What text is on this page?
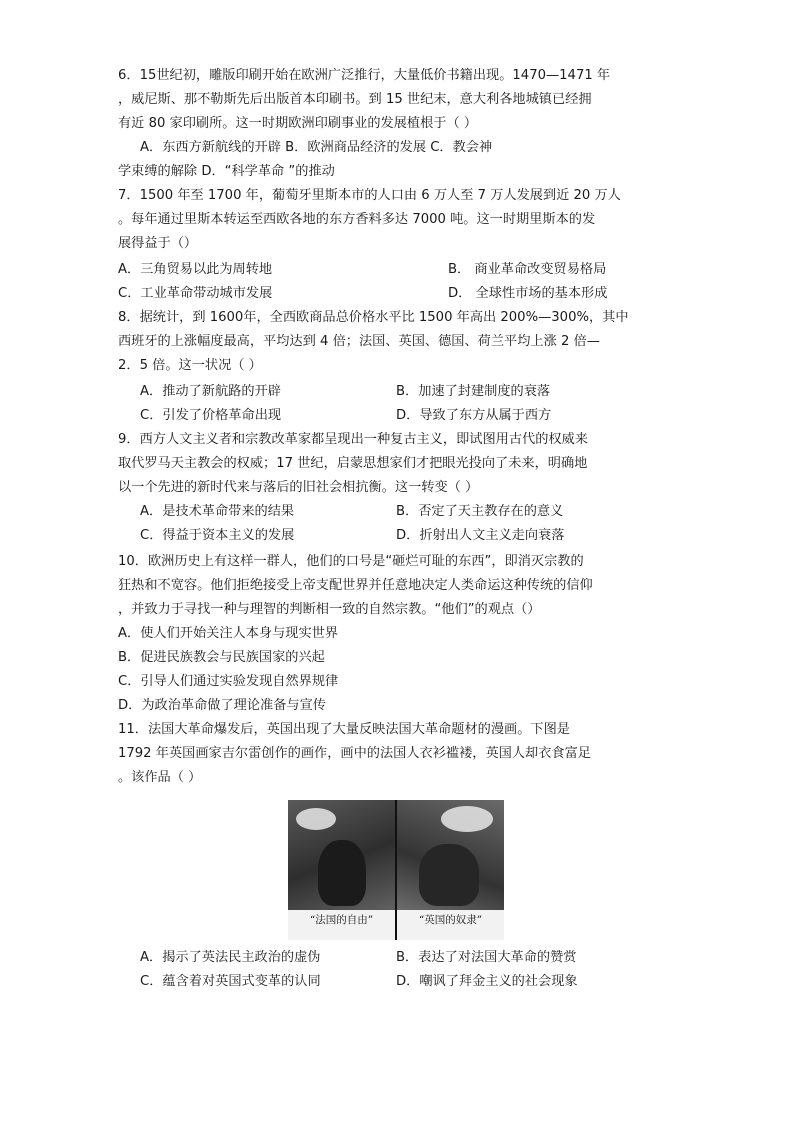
6．15世纪初，雕版印刷开始在欧洲广泛推行，大量低价书籍出现。1470—1471 年
，威尼斯、那不勒斯先后出版首本印刷书。到 15 世纪末，意大利各地城镇已经拥
有近 80 家印刷所。这一时期欧洲印刷事业的发展植根于（ ）
A．东西方新航线的开辟 B．欧洲商品经济的发展 C．教会神
学束缚的解除 D．“科学革命 ”的推动
7．1500 年至 1700 年，葡萄牙里斯本市的人口由 6 万人至 7 万人发展到近 20 万人
。每年通过里斯本转运至西欧各地的东方香料多达 7000 吨。这一时期里斯本的发
展得益于（）
A．三角贸易以此为周转地	B． 商业革命改变贸易格局
C．工业革命带动城市发展	D． 全球性市场的基本形成
8．据统计，到 1600年，全西欧商品总价格水平比 1500 年高出 200%—300%，其中
西班牙的上涨幅度最高，平均达到 4 倍；法国、英国、德国、荷兰平均上涨 2 倍—
2．5 倍。这一状况（ ）
A．推动了新航路的开辟	B．加速了封建制度的衰落
C．引发了价格革命出现	D．导致了东方从属于西方
9．西方人文主义者和宗教改革家都呈现出一种复古主义，即试图用古代的权威来
取代罗马天主教会的权威；17 世纪，启蒙思想家们才把眼光投向了未来，明确地
以一个先进的新时代来与落后的旧社会相抗衡。这一转变（ ）
A．是技术革命带来的结果	B．否定了天主教存在的意义
C．得益于资本主义的发展	D．折射出人文主义走向衰落
10．欧洲历史上有这样一群人，他们的口号是“砸烂可耻的东西”，即消灭宗教的
狂热和不宽容。他们拒绝接受上帝支配世界并任意地决定人类命运这种传统的信仰
，并致力于寻找一种与理智的判断相一致的自然宗教。“他们”的观点（）
A．使人们开始关注人本身与现实世界
B．促进民族教会与民族国家的兴起
C．引导人们通过实验发现自然界规律
D．为政治革命做了理论准备与宣传
11．法国大革命爆发后，英国出现了大量反映法国大革命题材的漫画。下图是
1792 年英国画家吉尔雷创作的画作，画中的法国人衣衫褴褛，英国人却衣食富足
。该作品（ ）
“法国的自由”	“英国的奴隶”
A．揭示了英法民主政治的虚伪	B．表达了对法国大革命的赞赏
C．蕴含着对英国式变革的认同	D．嘲讽了拜金主义的社会现象
